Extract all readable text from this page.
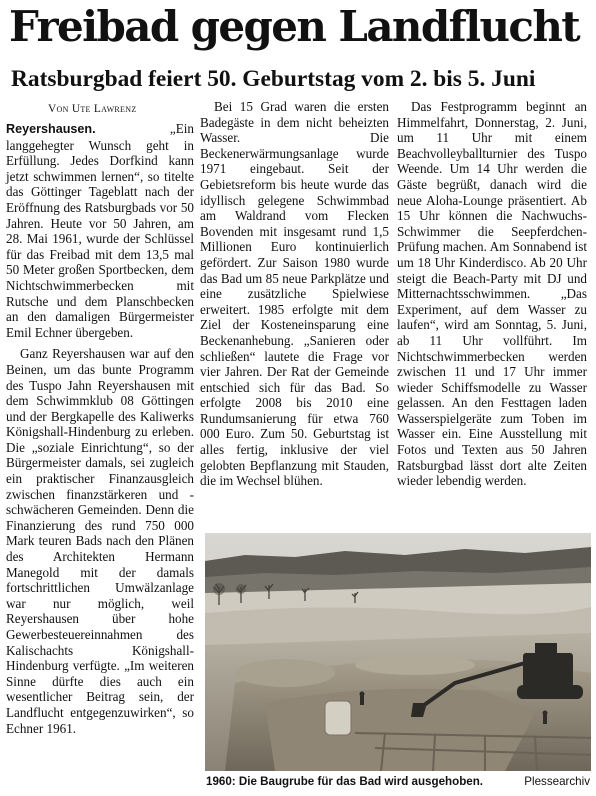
Freibad gegen Landflucht
Ratsburgbad feiert 50. Geburtstag vom 2. bis 5. Juni
Von Ute Lawrenz

Reyershausen.	„Ein langgehegter Wunsch geht in Erfüllung. Jedes Dorfkind kann jetzt schwimmen lernen“, so titelte das Göttinger Tageblatt nach der Eröffnung des Ratsburgbads vor 50 Jahren. Heute vor 50 Jahren, am 28. Mai 1961, wurde der Schlüssel für das Freibad mit dem 13,5 mal 50 Meter großen Sportbecken, dem Nichtschwimmerbecken mit Rutsche und dem Planschbecken an den damaligen Bürgermeister Emil Echner übergeben.

Ganz Reyershausen war auf den Beinen, um das bunte Programm des Tuspo Jahn Reyershausen mit dem Schwimmklub 08 Göttingen und der Bergkapelle des Kaliwerks Königshall-Hindenburg zu erleben. Die „soziale Einrichtung“, so der Bürgermeister damals, sei zugleich ein praktischer Finanzausgleich zwischen finanzstärkeren und -schwächeren Gemeinden. Denn die Finanzierung des rund 750 000 Mark teuren Bads nach den Plänen des Architekten Hermann Manegold mit der damals fortschrittlichen Umwälzanlage war nur möglich, weil Reyershausen über hohe Gewerbesteuereinnahmen des Kalischachts Königshall-Hindenburg verfügte. „Im weiteren Sinne dürfte dies auch ein wesentlicher Beitrag sein, der Landflucht entgegenzuwirken“, so Echner 1961.

Bei 15 Grad waren die ersten Badegäste in dem nicht beheizten Wasser. Die Beckenerwärmungsanlage wurde 1971 eingebaut. Seit der Gebietsreform bis heute wurde das idyllisch gelegene Schwimmbad am Waldrand vom Flecken Bovenden mit insgesamt rund 1,5 Millionen Euro kontinuierlich gefördert. Zur Saison 1980 wurde das Bad um 85 neue Parkplätze und eine zusätzliche Spielwiese erweitert. 1985 erfolgte mit dem Ziel der Kosteneinsparung eine Beckenanhebung. „Sanieren oder schließen“ lautete die Frage vor vier Jahren. Der Rat der Gemeinde entschied sich für das Bad. So erfolgte 2008 bis 2010 eine Rundumsanierung für etwa 760 000 Euro. Zum 50. Geburtstag ist alles fertig, inklusive der viel gelobten Bepflanzung mit Stauden, die im Wechsel blühen.

Das Festprogramm beginnt an Himmelfahrt, Donnerstag, 2. Juni, um 11 Uhr mit einem Beachvolleyballturnier des Tuspo Weende. Um 14 Uhr werden die Gäste begrüßt, danach wird die neue Aloha-Lounge präsentiert. Ab 15 Uhr können die Nachwuchs-Schwimmer die Seepferdchen-Prüfung machen. Am Sonnabend ist um 18 Uhr Kinderdisco. Ab 20 Uhr steigt die Beach-Party mit DJ und Mitternachtsschwimmen. „Das Experiment, auf dem Wasser zu laufen“, wird am Sonntag, 5. Juni, ab 11 Uhr vollführt. Im Nichtschwimmerbecken werden zwischen 11 und 17 Uhr immer wieder Schiffsmodelle zu Wasser gelassen. An den Festtagen laden Wasserspielgeräte zum Toben im Wasser ein. Eine Ausstellung mit Fotos und Texten aus 50 Jahren Ratsburgbad lässt dort alte Zeiten wieder lebendig werden.

1960: Die Baugrube für das Bad wird ausgehoben.	Plessearchiv
